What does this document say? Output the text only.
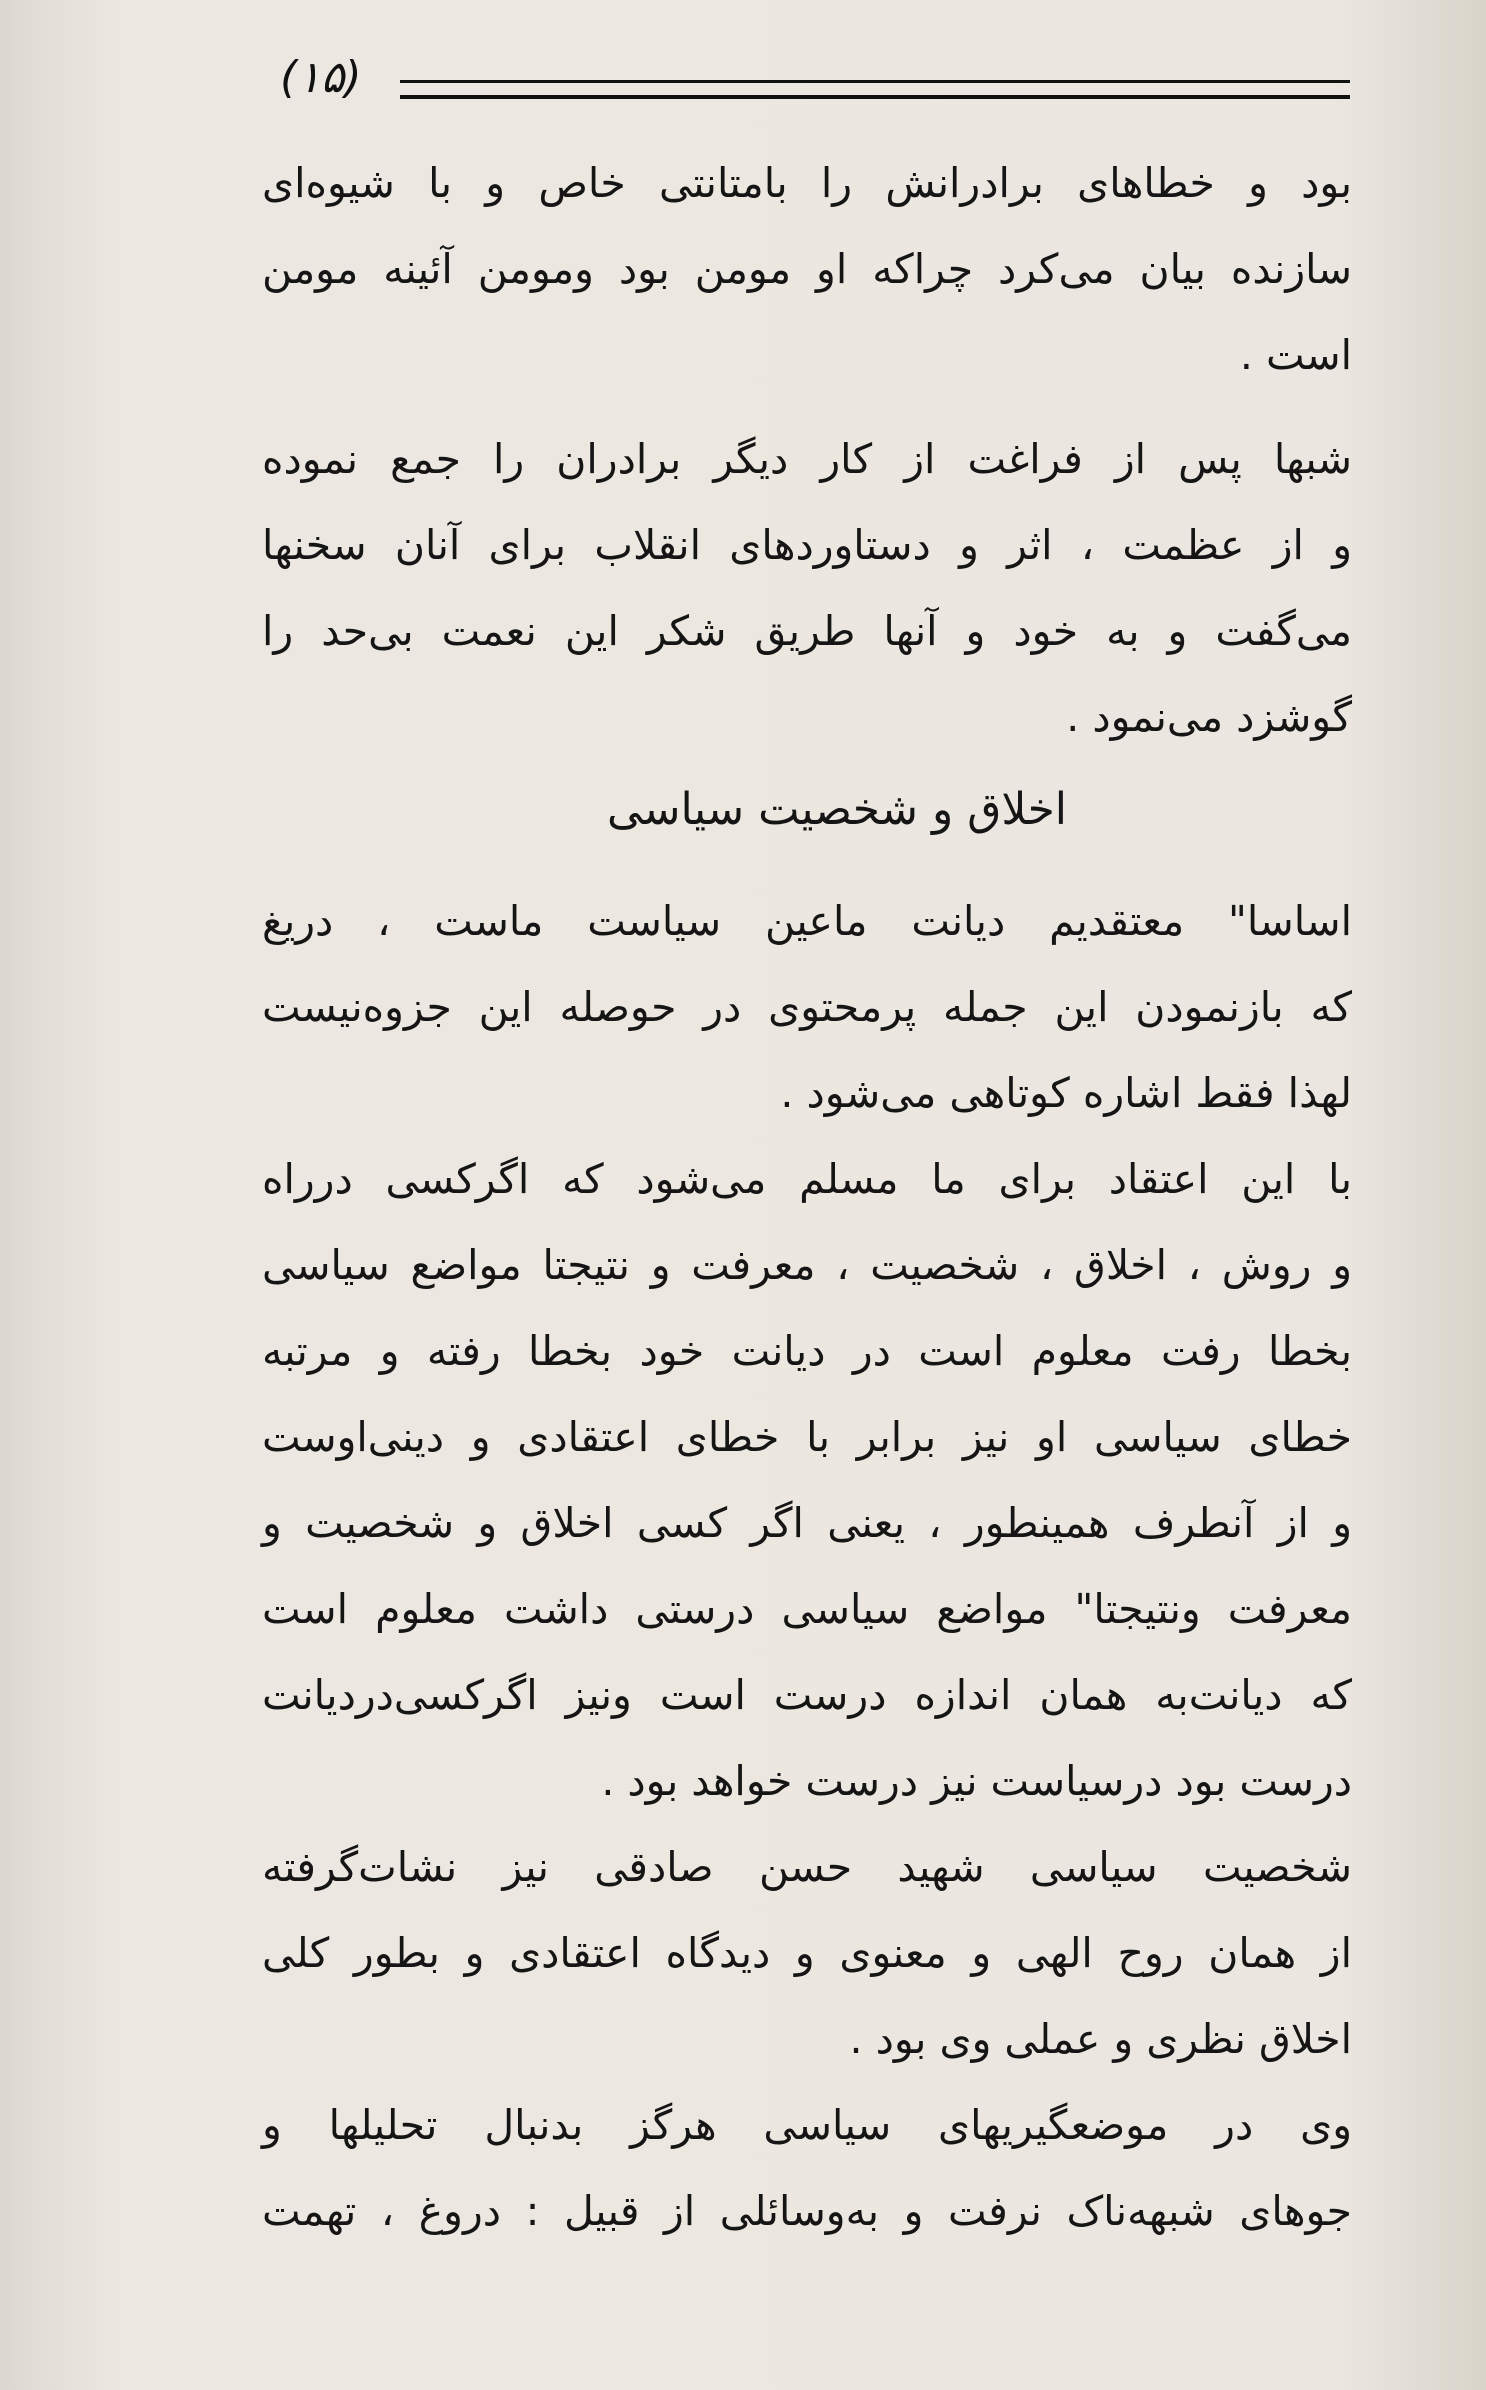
(۱۵)
بود و خطاهای برادرانش را بامتانتی خاص و با شیوه‌ای
سازنده بیان می‌کرد چراکه او مومن بود ومومن آئینه مومن
است .
شبها پس از فراغت از کار دیگر برادران را جمع نموده
و از عظمت ، اثر و دستاوردهای انقلاب برای آنان سخنها
می‌گفت و به خود و آنها طریق شکر این نعمت بی‌حد را
گوشزد می‌نمود .
اخلاق و شخصیت سیاسی
اساسا" معتقدیم دیانت ماعین سیاست ماست ، دریغ
که بازنمودن این جمله پرمحتوی در حوصله این جزوه‌نیست
لهذا فقط اشاره کوتاهی می‌شود .
با این اعتقاد برای ما مسلم می‌شود که اگرکسی درراه
و روش ، اخلاق ، شخصیت ، معرفت و نتیجتا مواضع سیاسی
بخطا رفت معلوم است در دیانت خود بخطا رفته و مرتبه
خطای سیاسی او نیز برابر با خطای اعتقادی و دینی‌اوست
و از آنطرف همینطور ، یعنی اگر کسی اخلاق و شخصیت و
معرفت ونتیجتا" مواضع سیاسی درستی داشت معلوم است
که دیانت‌به همان اندازه درست است ونیز اگرکسی‌دردیانت
درست بود درسیاست نیز درست خواهد بود .
شخصیت سیاسی شهید حسن صادقی نیز نشات‌گرفته
از همان روح الهی و معنوی و دیدگاه اعتقادی و بطور کلی
اخلاق نظری و عملی وی بود .
وی در موضعگیریهای سیاسی هرگز بدنبال تحلیلها و
جوهای شبهه‌ناک نرفت و به‌وسائلی از قبیل : دروغ ، تهمت
